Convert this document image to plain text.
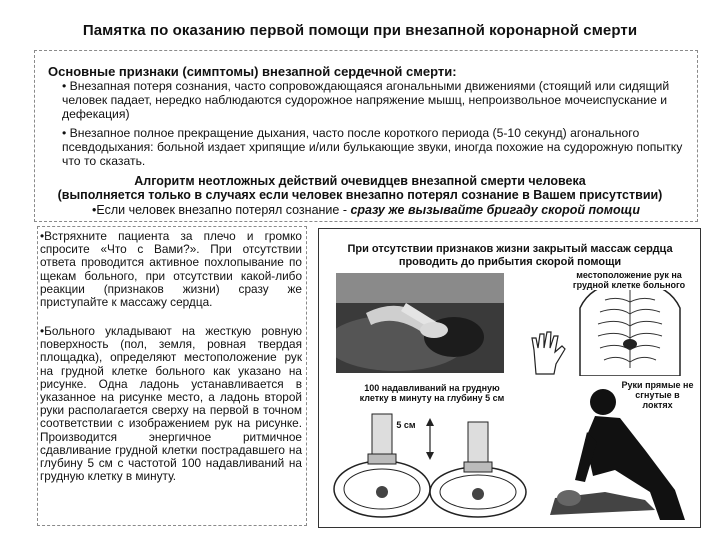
Памятка по оказанию первой помощи при внезапной коронарной смерти
Основные признаки (симптомы) внезапной сердечной смерти:
• Внезапная потеря сознания, часто сопровождающаяся агональными движениями (стоящий или сидящий человек падает, нередко наблюдаются судорожное напряжение мышц, непроизвольное мочеиспускание и дефекация)
• Внезапное полное прекращение дыхания, часто после короткого периода (5-10 секунд) агонального псевдодыхания: больной издает хрипящие и/или булькающие звуки, иногда похожие на судорожную попытку что то сказать.
Алгоритм неотложных действий очевидцев внезапной смерти человека
(выполняется только в случаях если человек внезапно потерял сознание в Вашем присутствии)
•Если человек внезапно потерял сознание - сразу же вызывайте бригаду скорой помощи
•Встряхните пациента за плечо и громко спросите «Что с Вами?». При отсутствии ответа проводится активное похлопывание по щекам больного, при отсутствии какой-либо реакции (признаков жизни) сразу же приступайте к массажу сердца.
•Больного укладывают на жесткую ровную поверхность (пол, земля, ровная твердая площадка), определяют местоположение рук на грудной клетке больного как указано на рисунке. Одна ладонь устанавливается в указанное на рисунке место, а ладонь второй руки располагается сверху на первой в точном соответствии с изображением рук на рисунке. Производится энергичное ритмичное сдавливание грудной клетки пострадавшего на глубину 5 см с частотой 100 надавливаний на грудную клетку в минуту.
При отсутствии признаков жизни закрытый массаж сердца проводить до прибытия скорой помощи
местоположение рук на грудной клетке больного
100 надавливаний на грудную клетку в минуту на глубину 5 см
5 см
Руки прямые не сгнутые в локтях
